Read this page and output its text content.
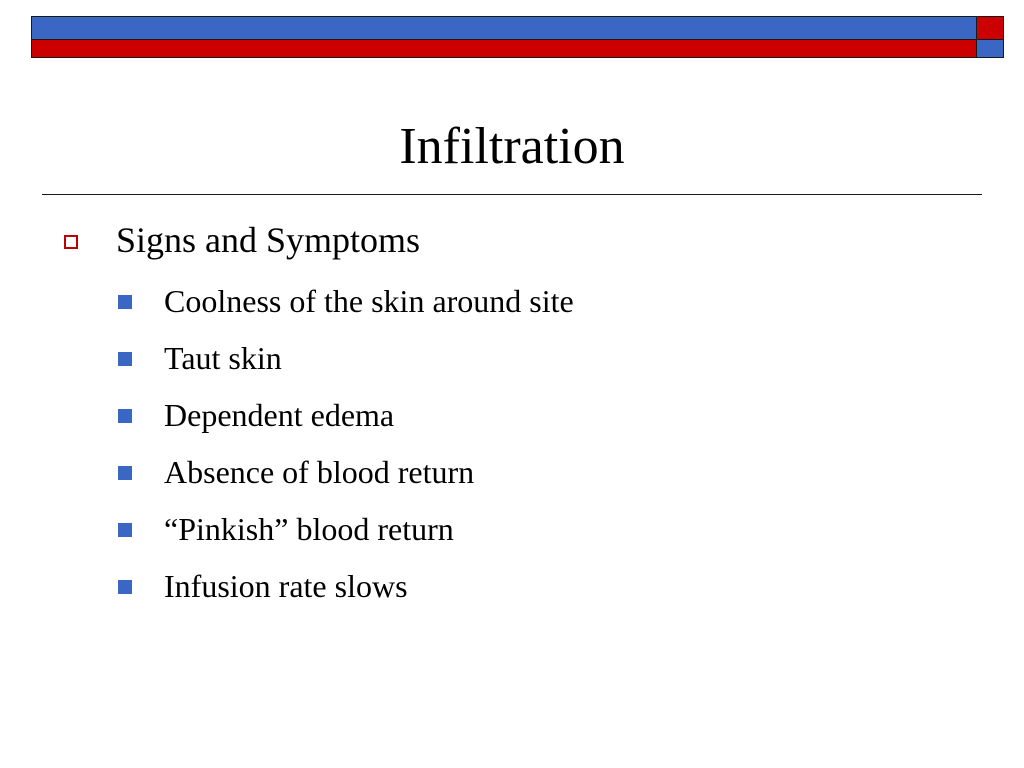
Infiltration
Signs and Symptoms
Coolness of the skin around site
Taut skin
Dependent edema
Absence of blood return
“Pinkish” blood return
Infusion rate slows
